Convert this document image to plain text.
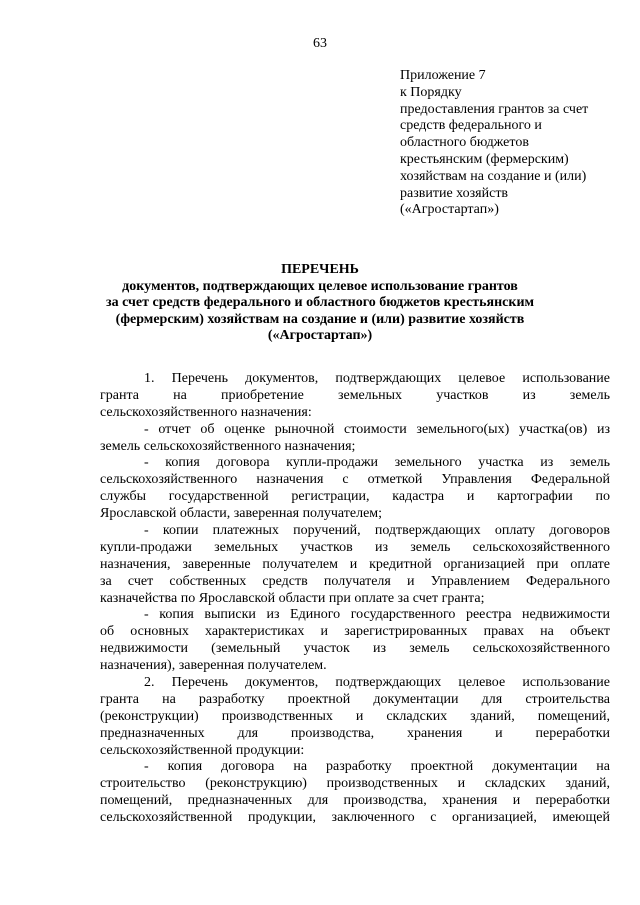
63
Приложение 7
к Порядку
предоставления грантов за счет
средств федерального и
областного бюджетов
крестьянским (фермерским)
хозяйствам на создание и (или)
развитие хозяйств
(«Агростартап»)
ПЕРЕЧЕНЬ
документов, подтверждающих целевое использование грантов
за счет средств федерального и областного бюджетов крестьянским
(фермерским) хозяйствам на создание и (или) развитие хозяйств
(«Агростартап»)
1. Перечень документов, подтверждающих целевое использование
гранта на приобретение земельных участков из земель
сельскохозяйственного назначения:
- отчет об оценке рыночной стоимости земельного(ых) участка(ов) из
земель сельскохозяйственного назначения;
- копия договора купли-продажи земельного участка из земель
сельскохозяйственного назначения с отметкой Управления Федеральной
службы государственной регистрации, кадастра и картографии по
Ярославской области, заверенная получателем;
- копии платежных поручений, подтверждающих оплату договоров
купли-продажи земельных участков из земель сельскохозяйственного
назначения, заверенные получателем и кредитной организацией при оплате
за счет собственных средств получателя и Управлением Федерального
казначейства по Ярославской области при оплате за счет гранта;
- копия выписки из Единого государственного реестра недвижимости
об основных характеристиках и зарегистрированных правах на объект
недвижимости (земельный участок из земель сельскохозяйственного
назначения), заверенная получателем.
2. Перечень документов, подтверждающих целевое использование
гранта на разработку проектной документации для строительства
(реконструкции) производственных и складских зданий, помещений,
предназначенных для производства, хранения и переработки
сельскохозяйственной продукции:
- копия договора на разработку проектной документации на
строительство (реконструкцию) производственных и складских зданий,
помещений, предназначенных для производства, хранения и переработки
сельскохозяйственной продукции, заключенного с организацией, имеющей
